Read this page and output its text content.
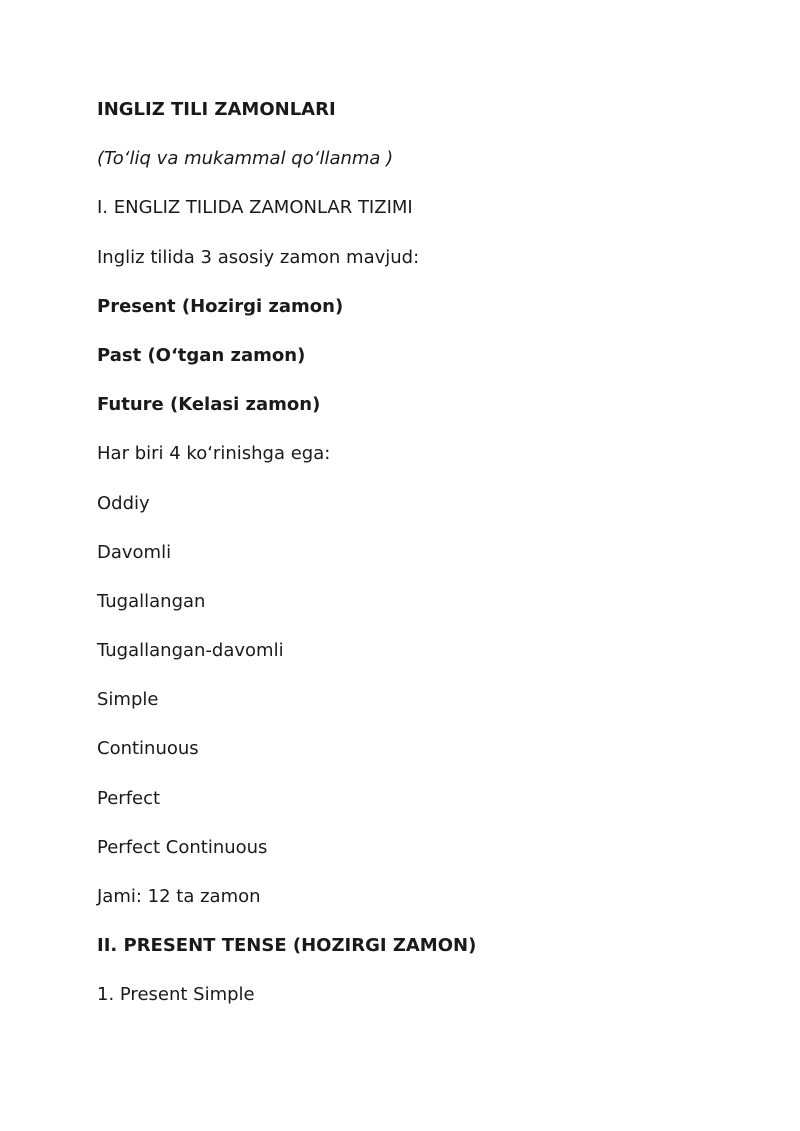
INGLIZ TILI ZAMONLARI
(To‘liq va mukammal qo‘llanma )
I. ENGLIZ TILIDA ZAMONLAR TIZIMI
Ingliz tilida 3 asosiy zamon mavjud:
Present (Hozirgi zamon)
Past (O‘tgan zamon)
Future (Kelasi zamon)
Har biri 4 ko‘rinishga ega:
Oddiy
Davomli
Tugallangan
Tugallangan-davomli
Simple
Continuous
Perfect
Perfect Continuous
Jami: 12 ta zamon
II. PRESENT TENSE (HOZIRGI ZAMON)
1. Present Simple
